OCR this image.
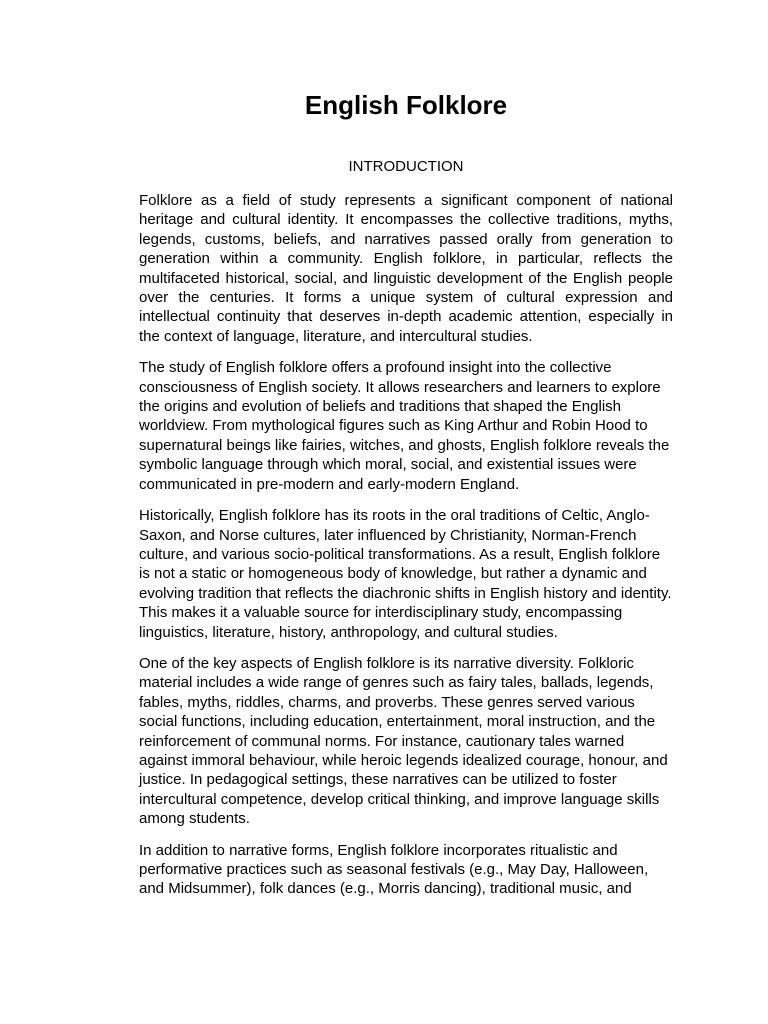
English Folklore
INTRODUCTION

Folklore as a field of study represents a significant component of national heritage and cultural identity. It encompasses the collective traditions, myths, legends, customs, beliefs, and narratives passed orally from generation to generation within a community. English folklore, in particular, reflects the multifaceted historical, social, and linguistic development of the English people over the centuries. It forms a unique system of cultural expression and intellectual continuity that deserves in-depth academic attention, especially in the context of language, literature, and intercultural studies.

The study of English folklore offers a profound insight into the collective consciousness of English society. It allows researchers and learners to explore the origins and evolution of beliefs and traditions that shaped the English worldview. From mythological figures such as King Arthur and Robin Hood to supernatural beings like fairies, witches, and ghosts, English folklore reveals the symbolic language through which moral, social, and existential issues were communicated in pre-modern and early-modern England.

Historically, English folklore has its roots in the oral traditions of Celtic, Anglo-Saxon, and Norse cultures, later influenced by Christianity, Norman-French culture, and various socio-political transformations. As a result, English folklore is not a static or homogeneous body of knowledge, but rather a dynamic and evolving tradition that reflects the diachronic shifts in English history and identity. This makes it a valuable source for interdisciplinary study, encompassing linguistics, literature, history, anthropology, and cultural studies.

One of the key aspects of English folklore is its narrative diversity. Folkloric material includes a wide range of genres such as fairy tales, ballads, legends, fables, myths, riddles, charms, and proverbs. These genres served various social functions, including education, entertainment, moral instruction, and the reinforcement of communal norms. For instance, cautionary tales warned against immoral behaviour, while heroic legends idealized courage, honour, and justice. In pedagogical settings, these narratives can be utilized to foster intercultural competence, develop critical thinking, and improve language skills among students.

In addition to narrative forms, English folklore incorporates ritualistic and performative practices such as seasonal festivals (e.g., May Day, Halloween, and Midsummer), folk dances (e.g., Morris dancing), traditional music, and
